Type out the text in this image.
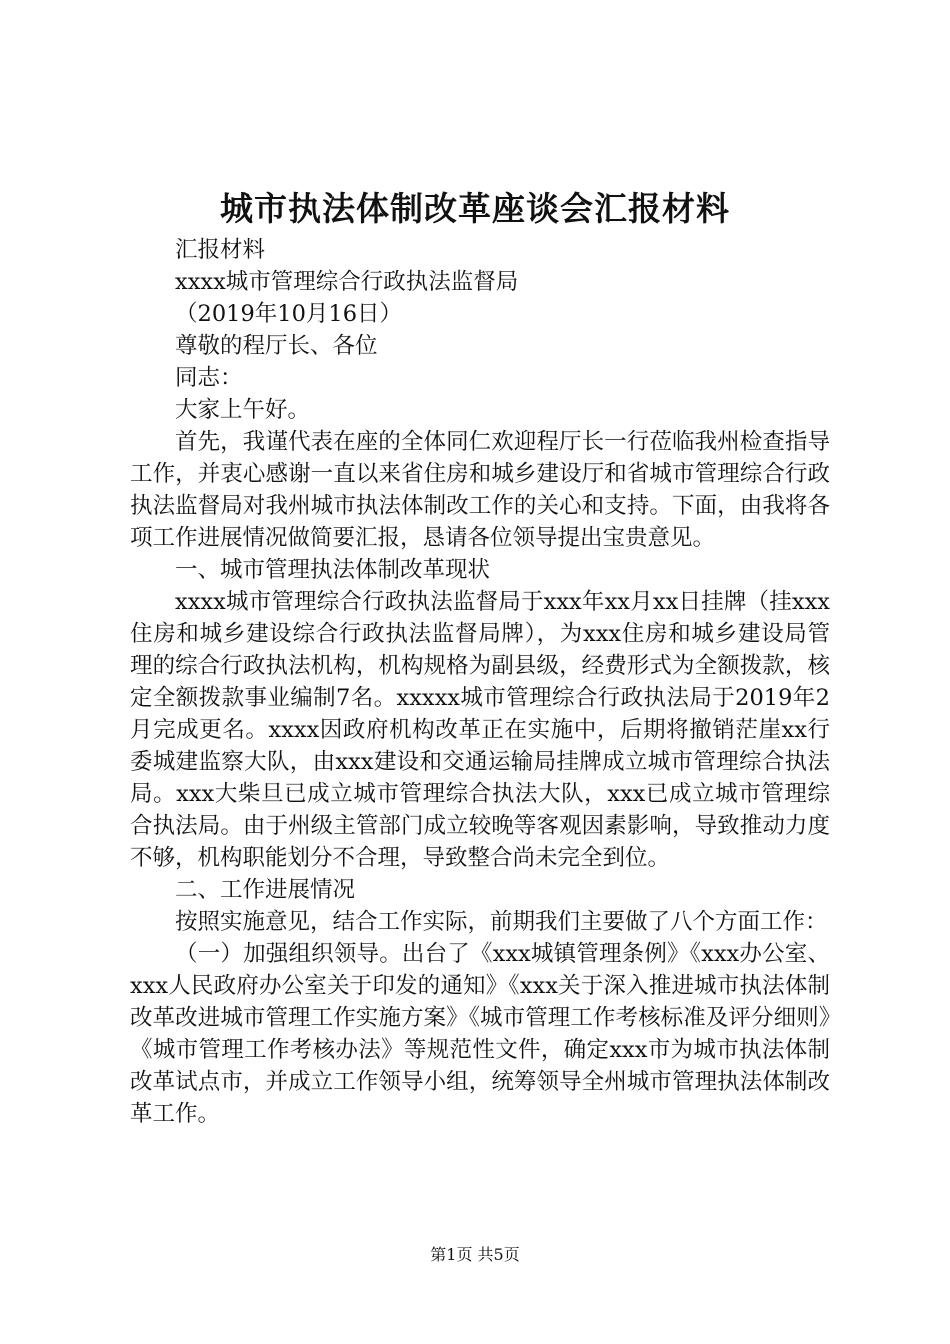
城市执法体制改革座谈会汇报材料

汇报材料

xxxx城市管理综合行政执法监督局

（2019年10月16日）

尊敬的程厅长、各位

同志：

大家上午好。

首先，我谨代表在座的全体同仁欢迎程厅长一行莅临我州检查指导工作，并衷心感谢一直以来省住房和城乡建设厅和省城市管理综合行政执法监督局对我州城市执法体制改工作的关心和支持。下面，由我将各项工作进展情况做简要汇报，恳请各位领导提出宝贵意见。

一、城市管理执法体制改革现状

xxxx城市管理综合行政执法监督局于xxx年xx月xx日挂牌（挂xxx住房和城乡建设综合行政执法监督局牌），为xxx住房和城乡建设局管理的综合行政执法机构，机构规格为副县级，经费形式为全额拨款，核定全额拨款事业编制7名。xxxxx城市管理综合行政执法局于2019年2月完成更名。xxxx因政府机构改革正在实施中，后期将撤销茫崖xx行委城建监察大队，由xxx建设和交通运输局挂牌成立城市管理综合执法局。xxx大柴旦已成立城市管理综合执法大队，xxx已成立城市管理综合执法局。由于州级主管部门成立较晚等客观因素影响，导致推动力度不够，机构职能划分不合理，导致整合尚未完全到位。

二、工作进展情况

按照实施意见，结合工作实际，前期我们主要做了八个方面工作：

（一）加强组织领导。出台了《xxx城镇管理条例》《xxx办公室、xxx人民政府办公室关于印发的通知》《xxx关于深入推进城市执法体制改革改进城市管理工作实施方案》《城市管理工作考核标准及评分细则》《城市管理工作考核办法》等规范性文件，确定xxx市为城市执法体制改革试点市，并成立工作领导小组，统筹领导全州城市管理执法体制改革工作。

第1页 共5页
